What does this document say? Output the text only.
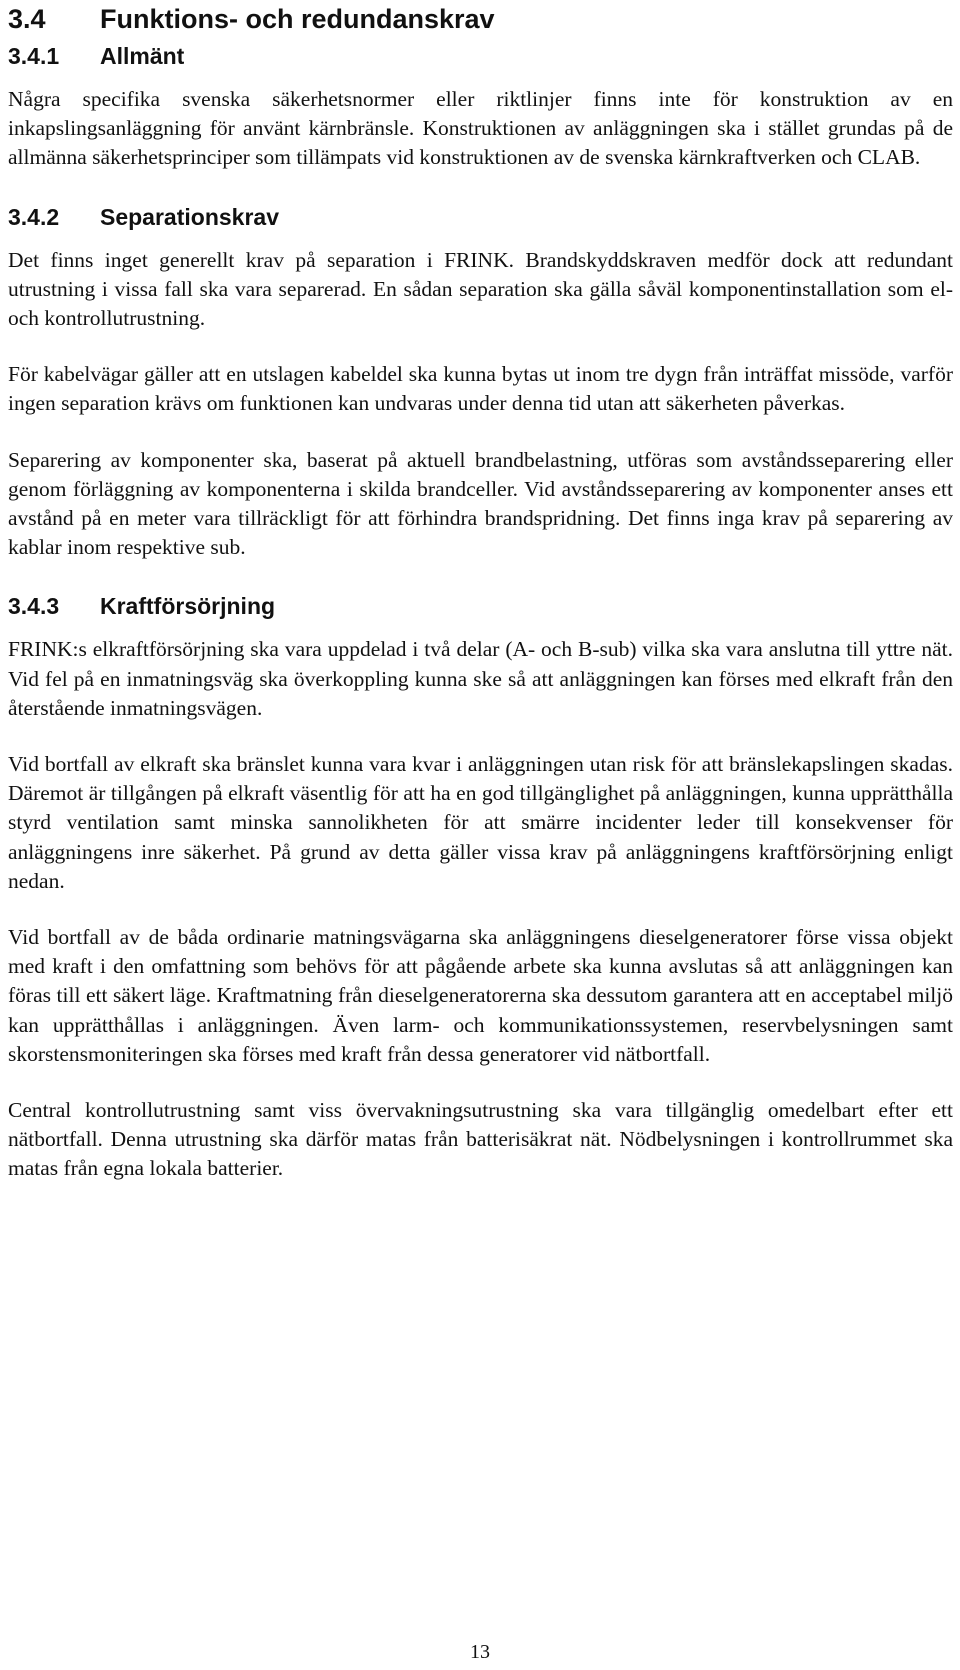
3.4	Funktions- och redundanskrav
3.4.1	Allmänt

Några specifika svenska säkerhetsnormer eller riktlinjer finns inte för konstruktion av en inkapslingsanläggning för använt kärnbränsle. Konstruktionen av anläggningen ska i stället grundas på de allmänna säkerhetsprinciper som tillämpats vid konstruktionen av de svenska kärnkraftverken och CLAB.

3.4.2	Separationskrav

Det finns inget generellt krav på separation i FRINK. Brandskyddskraven medför dock att redundant utrustning i vissa fall ska vara separerad. En sådan separation ska gälla såväl komponentinstallation som el- och kontrollutrustning.

För kabelvägar gäller att en utslagen kabeldel ska kunna bytas ut inom tre dygn från inträffat missöde, varför ingen separation krävs om funktionen kan undvaras under denna tid utan att säkerheten påverkas.

Separering av komponenter ska, baserat på aktuell brandbelastning, utföras som avståndsseparering eller genom förläggning av komponenterna i skilda brandceller. Vid avståndsseparering av komponenter anses ett avstånd på en meter vara tillräckligt för att förhindra brandspridning. Det finns inga krav på separering av kablar inom respektive sub.

3.4.3	Kraftförsörjning

FRINK:s elkraftförsörjning ska vara uppdelad i två delar (A- och B-sub) vilka ska vara anslutna till yttre nät. Vid fel på en inmatningsväg ska överkoppling kunna ske så att anläggningen kan förses med elkraft från den återstående inmatningsvägen.

Vid bortfall av elkraft ska bränslet kunna vara kvar i anläggningen utan risk för att bränslekapslingen skadas. Däremot är tillgången på elkraft väsentlig för att ha en god tillgänglighet på anläggningen, kunna upprätthålla styrd ventilation samt minska sannolikheten för att smärre incidenter leder till konsekvenser för anläggningens inre säkerhet. På grund av detta gäller vissa krav på anläggningens kraftförsörjning enligt nedan.

Vid bortfall av de båda ordinarie matningsvägarna ska anläggningens dieselgeneratorer förse vissa objekt med kraft i den omfattning som behövs för att pågående arbete ska kunna avslutas så att anläggningen kan föras till ett säkert läge. Kraftmatning från dieselgeneratorerna ska dessutom garantera att en acceptabel miljö kan upprätthållas i anläggningen. Även larm- och kommunikationssystemen, reservbelysningen samt skorstensmoniteringen ska förses med kraft från dessa generatorer vid nätbortfall.

Central kontrollutrustning samt viss övervakningsutrustning ska vara tillgänglig omedelbart efter ett nätbortfall. Denna utrustning ska därför matas från batterisäkrat nät. Nödbelysningen i kontrollrummet ska matas från egna lokala batterier.

13
